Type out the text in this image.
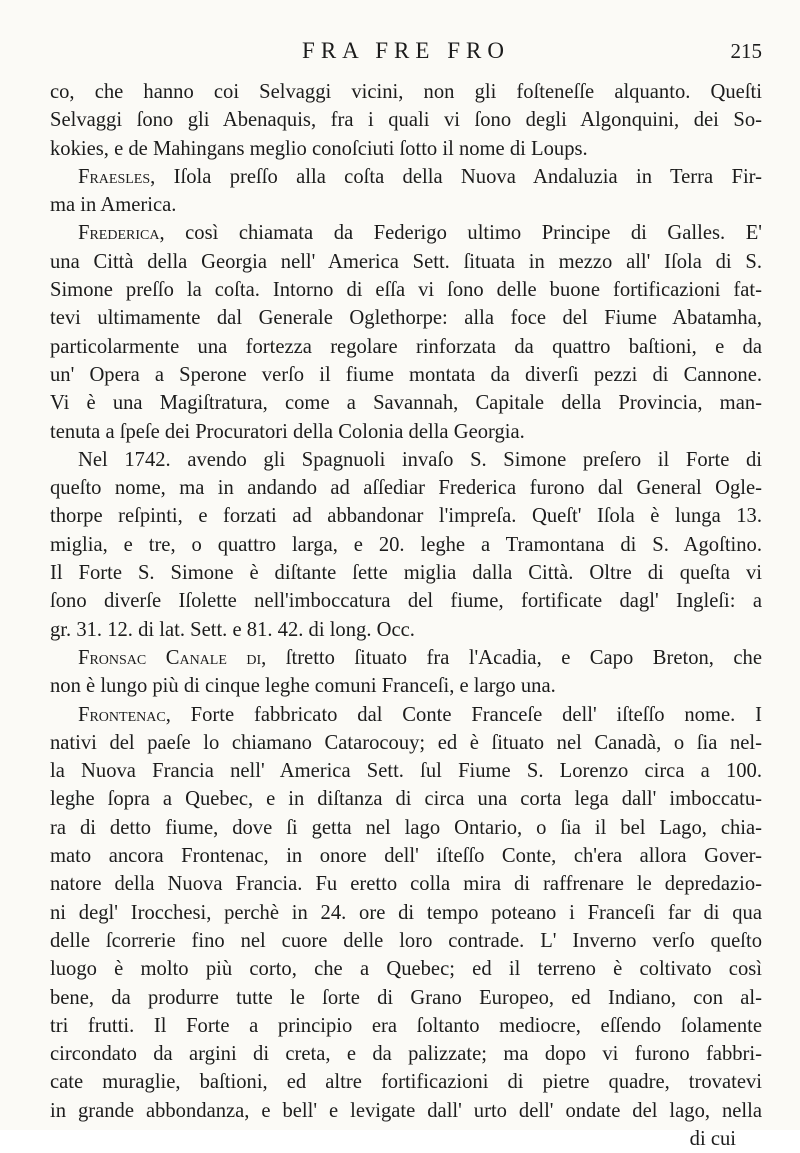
FRA FRE FRO	215
co, che hanno coi Selvaggi vicini, non gli foſteneſſe alquanto. Queſti
Selvaggi ſono gli Abenaquis, fra i quali vi ſono degli Algonquini, dei So-
kokies, e de Mahingans meglio conoſciuti ſotto il nome di Loups.
Fraesles, Iſola preſſo alla coſta della Nuova Andaluzia in Terra Fir-
ma in America.
Frederica, così chiamata da Federigo ultimo Principe di Galles. E'
una Città della Georgia nell' America Sett. ſituata in mezzo all' Iſola di S.
Simone preſſo la coſta. Intorno di eſſa vi ſono delle buone fortificazioni fat-
tevi ultimamente dal Generale Oglethorpe: alla foce del Fiume Abatamha,
particolarmente una fortezza regolare rinforzata da quattro baſtioni, e da
un' Opera a Sperone verſo il fiume montata da diverſi pezzi di Cannone.
Vi è una Magiſtratura, come a Savannah, Capitale della Provincia, man-
tenuta a ſpeſe dei Procuratori della Colonia della Georgia.
Nel 1742. avendo gli Spagnuoli invaſo S. Simone preſero il Forte di
queſto nome, ma in andando ad aſſediar Frederica furono dal General Ogle-
thorpe reſpinti, e forzati ad abbandonar l'impreſa. Queſt' Iſola è lunga 13.
miglia, e tre, o quattro larga, e 20. leghe a Tramontana di S. Agoſtino.
Il Forte S. Simone è diſtante ſette miglia dalla Città. Oltre di queſta vi
ſono diverſe Iſolette nell'imboccatura del fiume, fortificate dagl' Ingleſi: a
gr. 31. 12. di lat. Sett. e 81. 42. di long. Occ.
Fronsac Canale di, ſtretto ſituato fra l'Acadia, e Capo Breton, che
non è lungo più di cinque leghe comuni Franceſi, e largo una.
Frontenac, Forte fabbricato dal Conte Franceſe dell' iſteſſo nome. I
nativi del paeſe lo chiamano Catarocouy; ed è ſituato nel Canadà, o ſia nel-
la Nuova Francia nell' America Sett. ſul Fiume S. Lorenzo circa a 100.
leghe ſopra a Quebec, e in diſtanza di circa una corta lega dall' imboccatu-
ra di detto fiume, dove ſi getta nel lago Ontario, o ſia il bel Lago, chia-
mato ancora Frontenac, in onore dell' iſteſſo Conte, ch'era allora Gover-
natore della Nuova Francia. Fu eretto colla mira di raffrenare le depredazio-
ni degl' Irocchesi, perchè in 24. ore di tempo poteano i Franceſi far di qua
delle ſcorrerie fino nel cuore delle loro contrade. L' Inverno verſo queſto
luogo è molto più corto, che a Quebec; ed il terreno è coltivato così
bene, da produrre tutte le ſorte di Grano Europeo, ed Indiano, con al-
tri frutti. Il Forte a principio era ſoltanto mediocre, eſſendo ſolamente
circondato da argini di creta, e da palizzate; ma dopo vi furono fabbri-
cate muraglie, baſtioni, ed altre fortificazioni di pietre quadre, trovatevi
in grande abbondanza, e bell' e levigate dall' urto dell' ondate del lago, nella
di cui
